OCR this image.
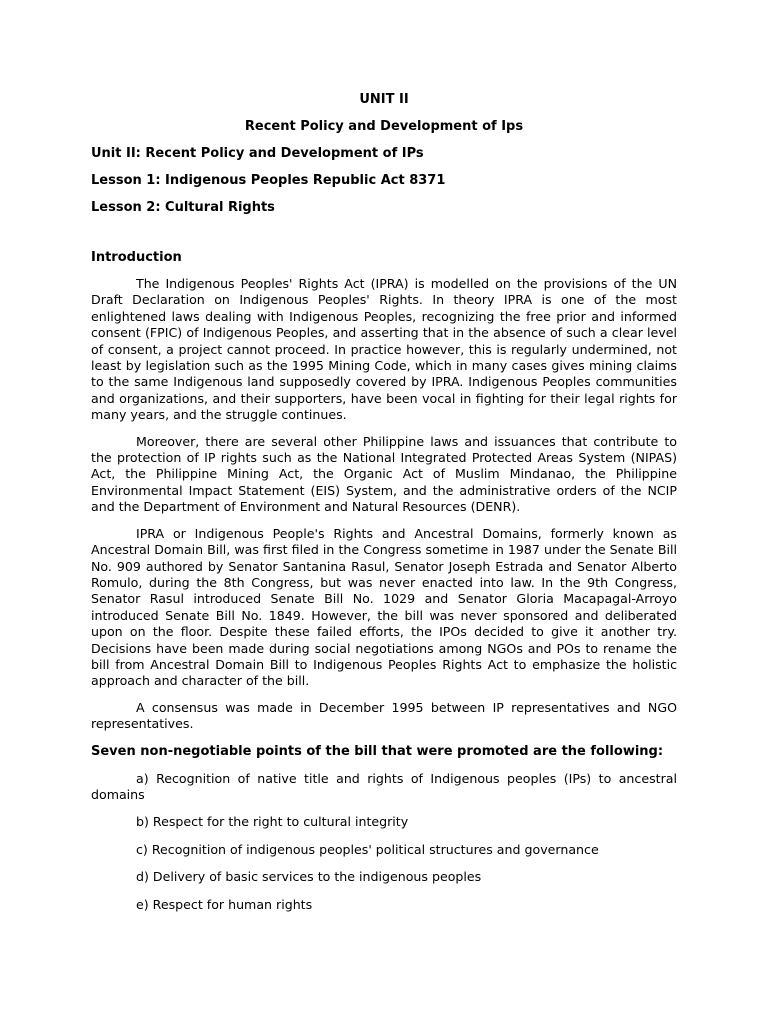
UNIT II
Recent Policy and Development of Ips
Unit II: Recent Policy and Development of IPs
Lesson 1: Indigenous Peoples Republic Act 8371
Lesson 2: Cultural Rights
Introduction

The Indigenous Peoples' Rights Act (IPRA) is modelled on the provisions of the UN Draft Declaration on Indigenous Peoples' Rights. In theory IPRA is one of the most enlightened laws dealing with Indigenous Peoples, recognizing the free prior and informed consent (FPIC) of Indigenous Peoples, and asserting that in the absence of such a clear level of consent, a project cannot proceed. In practice however, this is regularly undermined, not least by legislation such as the 1995 Mining Code, which in many cases gives mining claims to the same Indigenous land supposedly covered by IPRA. Indigenous Peoples communities and organizations, and their supporters, have been vocal in fighting for their legal rights for many years, and the struggle continues.

Moreover, there are several other Philippine laws and issuances that contribute to the protection of IP rights such as the National Integrated Protected Areas System (NIPAS) Act, the Philippine Mining Act, the Organic Act of Muslim Mindanao, the Philippine Environmental Impact Statement (EIS) System, and the administrative orders of the NCIP and the Department of Environment and Natural Resources (DENR).

IPRA or Indigenous People's Rights and Ancestral Domains, formerly known as Ancestral Domain Bill, was first filed in the Congress sometime in 1987 under the Senate Bill No. 909 authored by Senator Santanina Rasul, Senator Joseph Estrada and Senator Alberto Romulo, during the 8th Congress, but was never enacted into law. In the 9th Congress, Senator Rasul introduced Senate Bill No. 1029 and Senator Gloria Macapagal-Arroyo introduced Senate Bill No. 1849. However, the bill was never sponsored and deliberated upon on the floor. Despite these failed efforts, the IPOs decided to give it another try. Decisions have been made during social negotiations among NGOs and POs to rename the bill from Ancestral Domain Bill to Indigenous Peoples Rights Act to emphasize the holistic approach and character of the bill.

A consensus was made in December 1995 between IP representatives and NGO representatives.

Seven non-negotiable points of the bill that were promoted are the following:

a) Recognition of native title and rights of Indigenous peoples (IPs) to ancestral domains

b) Respect for the right to cultural integrity

c) Recognition of indigenous peoples' political structures and governance

d) Delivery of basic services to the indigenous peoples

e) Respect for human rights
